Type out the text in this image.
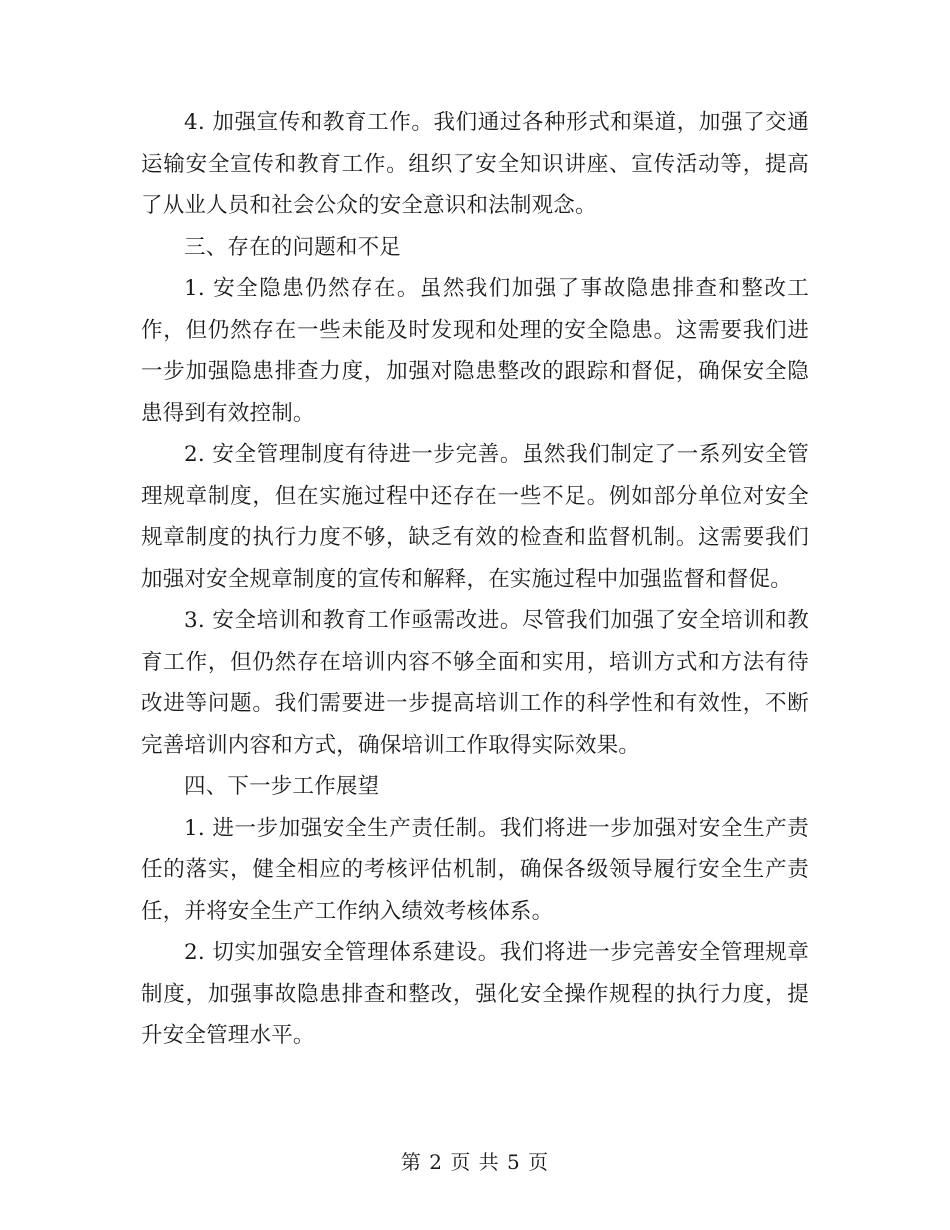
4. 加强宣传和教育工作。我们通过各种形式和渠道，加强了交通运输安全宣传和教育工作。组织了安全知识讲座、宣传活动等，提高了从业人员和社会公众的安全意识和法制观念。

三、存在的问题和不足

1. 安全隐患仍然存在。虽然我们加强了事故隐患排查和整改工作，但仍然存在一些未能及时发现和处理的安全隐患。这需要我们进一步加强隐患排查力度，加强对隐患整改的跟踪和督促，确保安全隐患得到有效控制。

2. 安全管理制度有待进一步完善。虽然我们制定了一系列安全管理规章制度，但在实施过程中还存在一些不足。例如部分单位对安全规章制度的执行力度不够，缺乏有效的检查和监督机制。这需要我们加强对安全规章制度的宣传和解释，在实施过程中加强监督和督促。

3. 安全培训和教育工作亟需改进。尽管我们加强了安全培训和教育工作，但仍然存在培训内容不够全面和实用，培训方式和方法有待改进等问题。我们需要进一步提高培训工作的科学性和有效性，不断完善培训内容和方式，确保培训工作取得实际效果。

四、下一步工作展望

1. 进一步加强安全生产责任制。我们将进一步加强对安全生产责任的落实，健全相应的考核评估机制，确保各级领导履行安全生产责任，并将安全生产工作纳入绩效考核体系。

2. 切实加强安全管理体系建设。我们将进一步完善安全管理规章制度，加强事故隐患排查和整改，强化安全操作规程的执行力度，提升安全管理水平。

第 2 页 共 5 页
